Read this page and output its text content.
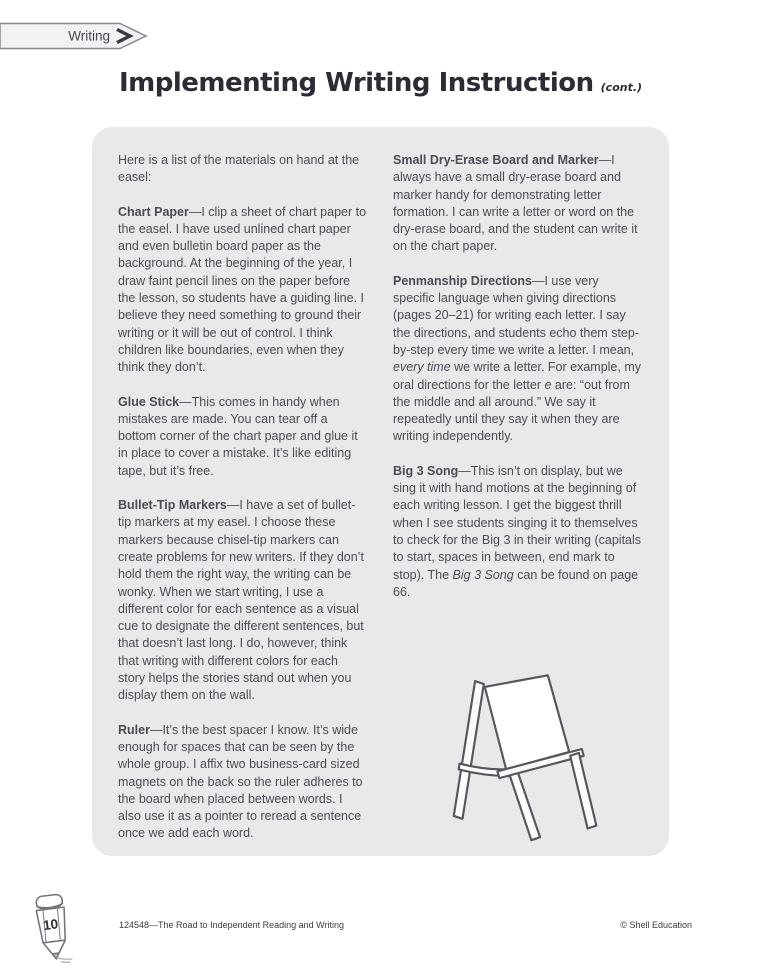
Writing
Implementing Writing Instruction (cont.)

Here is a list of the materials on hand at the easel:

Chart Paper—I clip a sheet of chart paper to the easel. I have used unlined chart paper and even bulletin board paper as the background. At the beginning of the year, I draw faint pencil lines on the paper before the lesson, so students have a guiding line. I believe they need something to ground their writing or it will be out of control. I think children like boundaries, even when they think they don’t.

Glue Stick—This comes in handy when mistakes are made. You can tear off a bottom corner of the chart paper and glue it in place to cover a mistake. It’s like editing tape, but it’s free.

Bullet-Tip Markers—I have a set of bullet-tip markers at my easel. I choose these markers because chisel-tip markers can create problems for new writers. If they don’t hold them the right way, the writing can be wonky. When we start writing, I use a different color for each sentence as a visual cue to designate the different sentences, but that doesn’t last long. I do, however, think that writing with different colors for each story helps the stories stand out when you display them on the wall.

Ruler—It’s the best spacer I know. It’s wide enough for spaces that can be seen by the whole group. I affix two business-card sized magnets on the back so the ruler adheres to the board when placed between words. I also use it as a pointer to reread a sentence once we add each word.

Small Dry-Erase Board and Marker—I always have a small dry-erase board and marker handy for demonstrating letter formation. I can write a letter or word on the dry-erase board, and the student can write it on the chart paper.

Penmanship Directions—I use very specific language when giving directions (pages 20–21) for writing each letter. I say the directions, and students echo them step-by-step every time we write a letter. I mean, every time we write a letter. For example, my oral directions for the letter e are: “out from the middle and all around.” We say it repeatedly until they say it when they are writing independently.

Big 3 Song—This isn’t on display, but we sing it with hand motions at the beginning of each writing lesson. I get the biggest thrill when I see students singing it to themselves to check for the Big 3 in their writing (capitals to start, spaces in between, end mark to stop). The Big 3 Song can be found on page 66.

10	124548—The Road to Independent Reading and Writing	© Shell Education
